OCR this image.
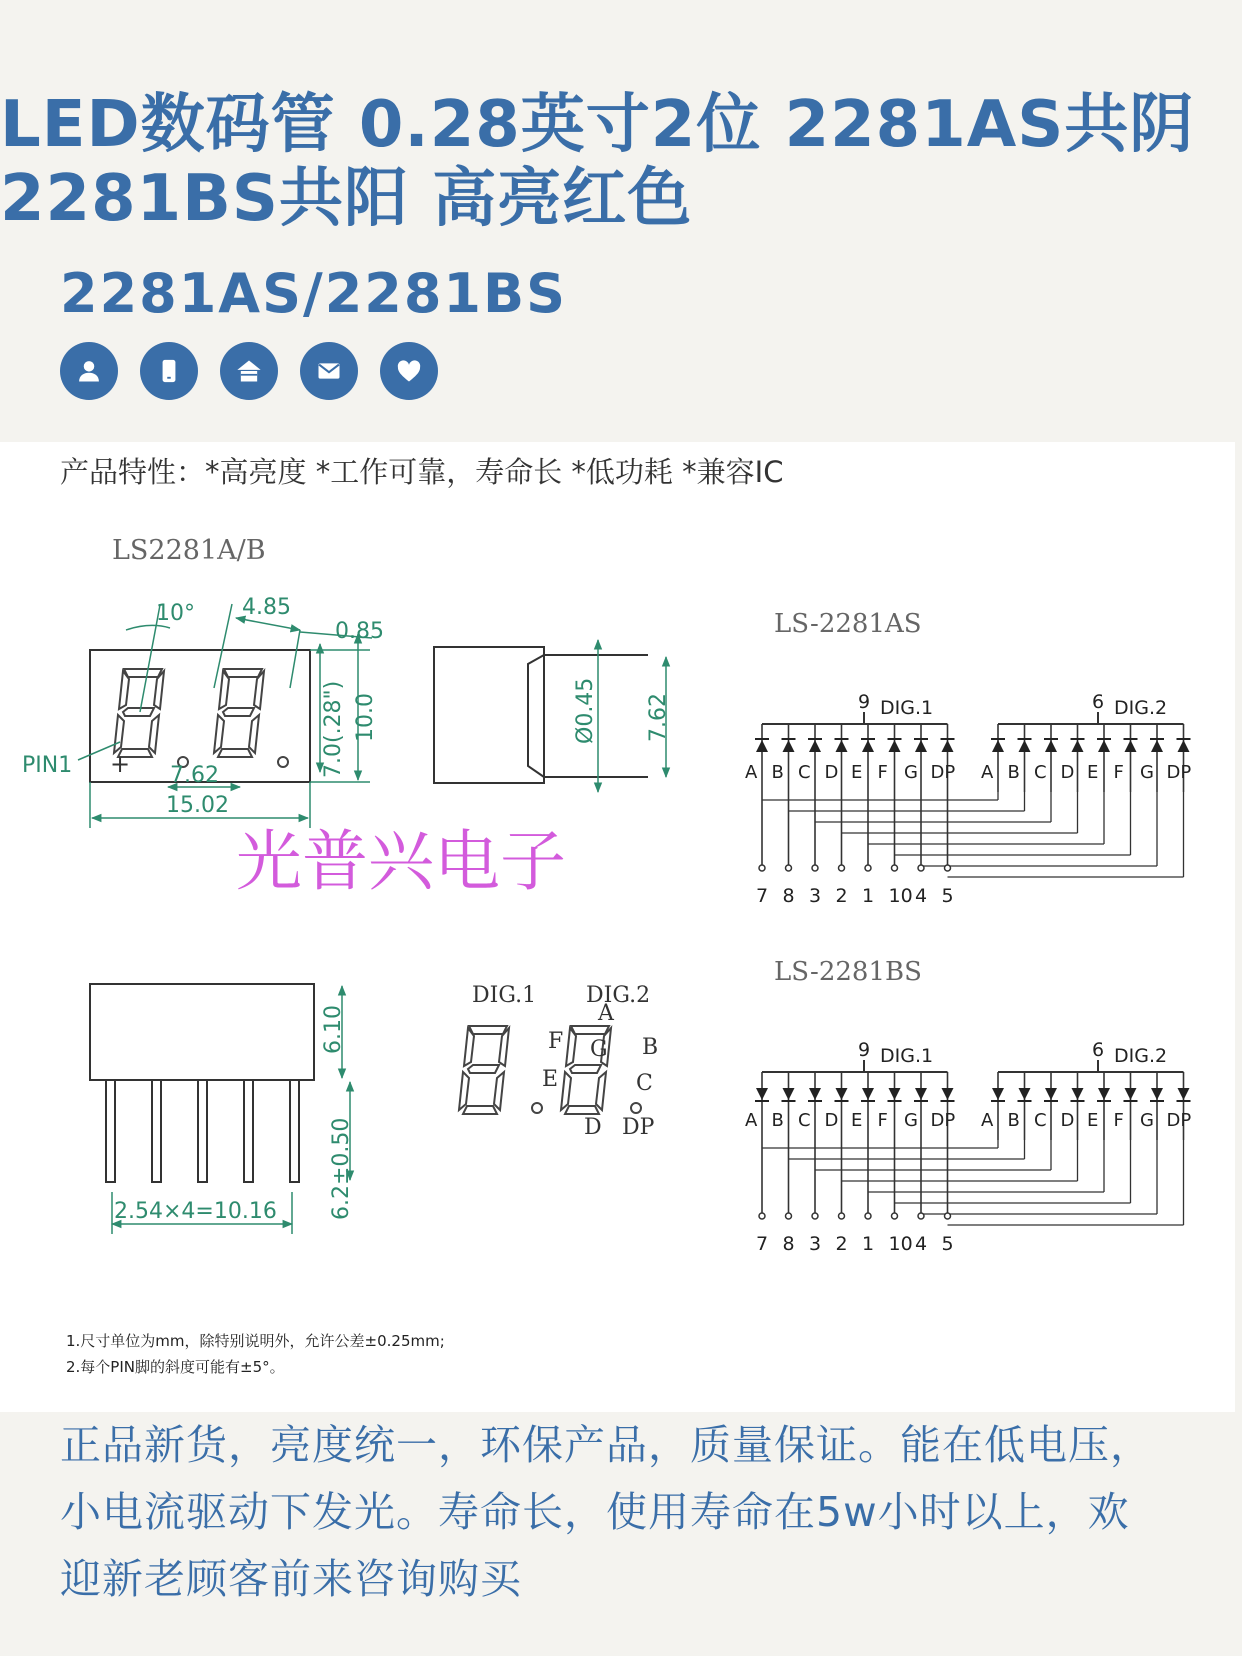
LED数码管 0.28英寸2位 2281AS共阴 2281BS共阳 高亮红色
2281AS/2281BS
产品特性：*高亮度 *工作可靠，寿命长 *低功耗 *兼容IC
LS2281A/B
10° 4.85
0.85
7.0(.28") 10.0
PIN1	7.62
15.02
+
Ø0.45 7.62
光普兴电子
6.10
6.2±0.50
2.54×4=10.16
DIG.1 DIG.2
A
B
C
D
E
F G
DP
LS-2281AS
9 DIG.1	6 DIG.2
A B C D E F G DP A B C D E F G DP
7 8 3 2 1 10 4 5
LS-2281BS
9 DIG.1	6 DIG.2
A B C D E F G DP A B C D E F G DP
7 8 3 2 1 10 4 5
1.尺寸单位为mm，除特别说明外，允许公差±0.25mm;
2.每个PIN脚的斜度可能有±5°。

正品新货，亮度统一，环保产品，质量保证。能在低电压，小电流驱动下发光。寿命长，使用寿命在5w小时以上，欢迎新老顾客前来咨询购买
